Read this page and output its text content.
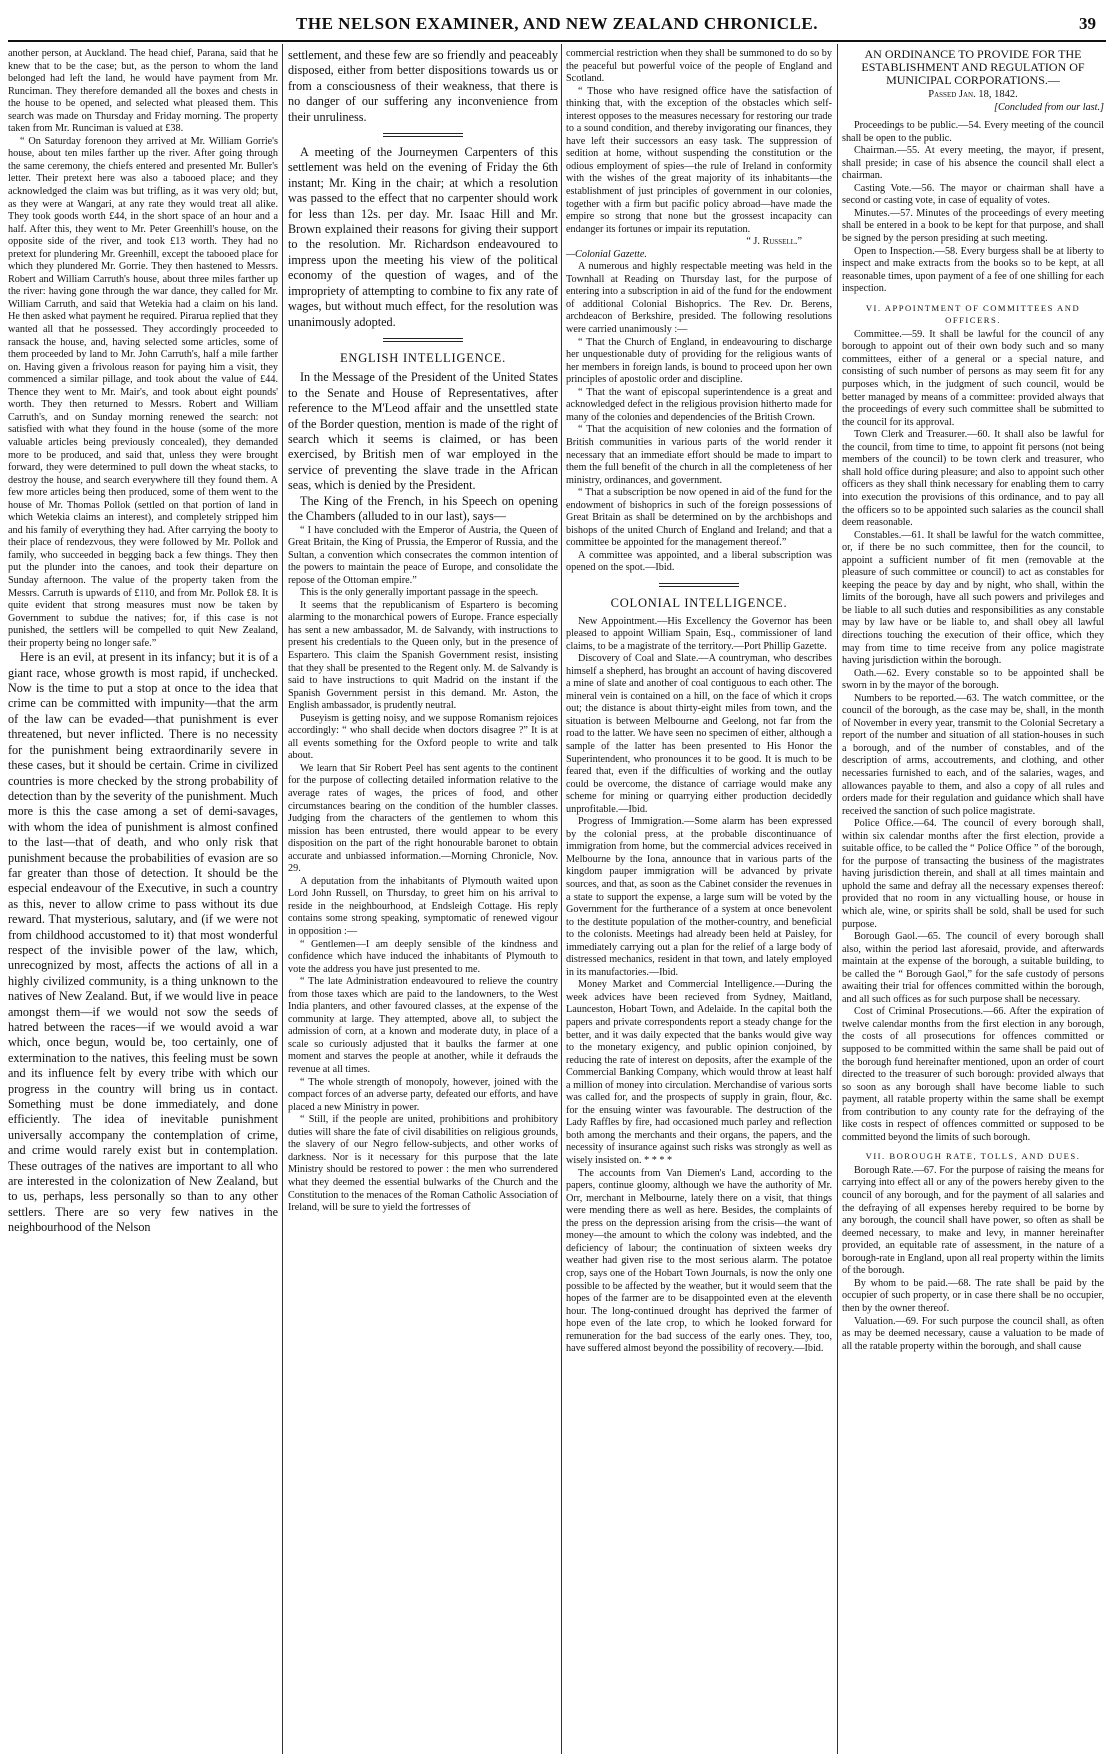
THE NELSON EXAMINER, AND NEW ZEALAND CHRONICLE.	39

another person, at Auckland. The head chief, Parana, said that he knew that to be the case; but, as the person to whom the land belonged had left the land, he would have payment from Mr. Runciman. They therefore demanded all the boxes and chests in the house to be opened, and selected what pleased them. This search was made on Thursday and Friday morning. The property taken from Mr. Runciman is valued at £38.

“ On Saturday forenoon they arrived at Mr. William Gorrie's house, about ten miles farther up the river. After going through the same ceremony, the chiefs entered and presented Mr. Buller's letter. Their pretext here was also a tabooed place; and they acknowledged the claim was but trifling, as it was very old; but, as they were at Wangari, at any rate they would treat all alike. They took goods worth £44, in the short space of an hour and a half. After this, they went to Mr. Peter Greenhill's house, on the opposite side of the river, and took £13 worth. They had no pretext for plundering Mr. Greenhill, except the tabooed place for which they plundered Mr. Gorrie. They then hastened to Messrs. Robert and William Carruth's house, about three miles farther up the river: having gone through the war dance, they called for Mr. William Carruth, and said that Wetekia had a claim on his land. He then asked what payment he required. Pirarua replied that they wanted all that he possessed. They accordingly proceeded to ransack the house, and, having selected some articles, some of them proceeded by land to Mr. John Carruth's, half a mile farther on. Having given a frivolous reason for paying him a visit, they commenced a similar pillage, and took about the value of £44. Thence they went to Mr. Mair's, and took about eight pounds' worth. They then returned to Messrs. Robert and William Carruth's, and on Sunday morning renewed the search: not satisfied with what they found in the house (some of the more valuable articles being previously concealed), they demanded more to be produced, and said that, unless they were brought forward, they were determined to pull down the wheat stacks, to destroy the house, and search everywhere till they found them. A few more articles being then produced, some of them went to the house of Mr. Thomas Pollok (settled on that portion of land in which Wetekia claims an interest), and completely stripped him and his family of everything they had. After carrying the booty to their place of rendezvous, they were followed by Mr. Pollok and family, who succeeded in begging back a few things. They then put the plunder into the canoes, and took their departure on Sunday afternoon. The value of the property taken from the Messrs. Carruth is upwards of £110, and from Mr. Pollok £8. It is quite evident that strong measures must now be taken by Government to subdue the natives; for, if this case is not punished, the settlers will be compelled to quit New Zealand, their property being no longer safe.”

Here is an evil, at present in its infancy; but it is of a giant race, whose growth is most rapid, if unchecked. Now is the time to put a stop at once to the idea that crime can be committed with impunity—that the arm of the law can be evaded—that punishment is ever threatened, but never inflicted. There is no necessity for the punishment being extraordinarily severe in these cases, but it should be certain. Crime in civilized countries is more checked by the strong probability of detection than by the severity of the punishment. Much more is this the case among a set of demi-savages, with whom the idea of punishment is almost confined to the last—that of death, and who only risk that punishment because the probabilities of evasion are so far greater than those of detection. It should be the especial endeavour of the Executive, in such a country as this, never to allow crime to pass without its due reward. That mysterious, salutary, and (if we were not from childhood accustomed to it) that most wonderful respect of the invisible power of the law, which, unrecognized by most, affects the actions of all in a highly civilized community, is a thing unknown to the natives of New Zealand. But, if we would live in peace amongst them—if we would not sow the seeds of hatred between the races—if we would avoid a war which, once begun, would be, too certainly, one of extermination to the natives, this feeling must be sown and its influence felt by every tribe with which our progress in the country will bring us in contact. Something must be done immediately, and done efficiently. The idea of inevitable punishment universally accompany the contemplation of crime, and crime would rarely exist but in contemplation. These outrages of the natives are important to all who are interested in the colonization of New Zealand, but to us, perhaps, less personally so than to any other settlers. There are so very few natives in the neighbourhood of the Nelson

settlement, and these few are so friendly and peaceably disposed, either from better dispositions towards us or from a consciousness of their weakness, that there is no danger of our suffering any inconvenience from their unruliness.

A meeting of the Journeymen Carpenters of this settlement was held on the evening of Friday the 6th instant; Mr. King in the chair; at which a resolution was passed to the effect that no carpenter should work for less than 12s. per day. Mr. Isaac Hill and Mr. Brown explained their reasons for giving their support to the resolution. Mr. Richardson endeavoured to impress upon the meeting his view of the political economy of the question of wages, and of the impropriety of attempting to combine to fix any rate of wages, but without much effect, for the resolution was unanimously adopted.

ENGLISH INTELLIGENCE.

In the Message of the President of the United States to the Senate and House of Representatives, after reference to the M'Leod affair and the unsettled state of the Border question, mention is made of the right of search which it seems is claimed, or has been exercised, by British men of war employed in the service of preventing the slave trade in the African seas, which is denied by the President.

The King of the French, in his Speech on opening the Chambers (alluded to in our last), says—

“ I have concluded with the Emperor of Austria, the Queen of Great Britain, the King of Prussia, the Emperor of Russia, and the Sultan, a convention which consecrates the common intention of the powers to maintain the peace of Europe, and consolidate the repose of the Ottoman empire.”

This is the only generally important passage in the speech.

It seems that the republicanism of Espartero is becoming alarming to the monarchical powers of Europe. France especially has sent a new ambassador, M. de Salvandy, with instructions to present his credentials to the Queen only, but in the presence of Espartero. This claim the Spanish Government resist, insisting that they shall be presented to the Regent only. M. de Salvandy is said to have instructions to quit Madrid on the instant if the Spanish Government persist in this demand. Mr. Aston, the English ambassador, is prudently neutral.

Puseyism is getting noisy, and we suppose Romanism rejoices accordingly: “ who shall decide when doctors disagree ?” It is at all events something for the Oxford people to write and talk about.

We learn that Sir Robert Peel has sent agents to the continent for the purpose of collecting detailed information relative to the average rates of wages, the prices of food, and other circumstances bearing on the condition of the humbler classes. Judging from the characters of the gentlemen to whom this mission has been entrusted, there would appear to be every disposition on the part of the right honourable baronet to obtain accurate and unbiassed information.—Morning Chronicle, Nov. 29.

A deputation from the inhabitants of Plymouth waited upon Lord John Russell, on Thursday, to greet him on his arrival to reside in the neighbourhood, at Endsleigh Cottage. His reply contains some strong speaking, symptomatic of renewed vigour in opposition :—

“ Gentlemen—I am deeply sensible of the kindness and confidence which have induced the inhabitants of Plymouth to vote the address you have just presented to me.

“ The late Administration endeavoured to relieve the country from those taxes which are paid to the landowners, to the West India planters, and other favoured classes, at the expense of the community at large. They attempted, above all, to subject the admission of corn, at a known and moderate duty, in place of a scale so curiously adjusted that it baulks the farmer at one moment and starves the people at another, while it defrauds the revenue at all times.

“ The whole strength of monopoly, however, joined with the compact forces of an adverse party, defeated our efforts, and have placed a new Ministry in power.

“ Still, if the people are united, prohibitions and prohibitory duties will share the fate of civil disabilities on religious grounds, the slavery of our Negro fellow-subjects, and other works of darkness. Nor is it necessary for this purpose that the late Ministry should be restored to power : the men who surrendered what they deemed the essential bulwarks of the Church and the Constitution to the menaces of the Roman Catholic Association of Ireland, will be sure to yield the fortresses of

commercial restriction when they shall be summoned to do so by the peaceful but powerful voice of the people of England and Scotland.

“ Those who have resigned office have the satisfaction of thinking that, with the exception of the obstacles which self-interest opposes to the measures necessary for restoring our trade to a sound condition, and thereby invigorating our finances, they have left their successors an easy task. The suppression of sedition at home, without suspending the constitution or the odious employment of spies—the rule of Ireland in conformity with the wishes of the great majority of its inhabitants—the establishment of just principles of government in our colonies, together with a firm but pacific policy abroad—have made the empire so strong that none but the grossest incapacity can endanger its fortunes or impair its reputation.

“ J. Russell.”

—Colonial Gazette.

A numerous and highly respectable meeting was held in the Townhall at Reading on Thursday last, for the purpose of entering into a subscription in aid of the fund for the endowment of additional Colonial Bishoprics. The Rev. Dr. Berens, archdeacon of Berkshire, presided. The following resolutions were carried unanimously :—

“ That the Church of England, in endeavouring to discharge her unquestionable duty of providing for the religious wants of her members in foreign lands, is bound to proceed upon her own principles of apostolic order and discipline.

“ That the want of episcopal superintendence is a great and acknowledged defect in the religious provision hitherto made for many of the colonies and dependencies of the British Crown.

“ That the acquisition of new colonies and the formation of British communities in various parts of the world render it necessary that an immediate effort should be made to impart to them the full benefit of the church in all the completeness of her ministry, ordinances, and government.

“ That a subscription be now opened in aid of the fund for the endowment of bishoprics in such of the foreign possessions of Great Britain as shall be determined on by the archbishops and bishops of the united Church of England and Ireland; and that a committee be appointed for the management thereof.”

A committee was appointed, and a liberal subscription was opened on the spot.—Ibid.

COLONIAL INTELLIGENCE.

New Appointment.—His Excellency the Governor has been pleased to appoint William Spain, Esq., commissioner of land claims, to be a magistrate of the territory.—Port Phillip Gazette.

Discovery of Coal and Slate.—A countryman, who describes himself a shepherd, has brought an account of having discovered a mine of slate and another of coal contiguous to each other. The mineral vein is contained on a hill, on the face of which it crops out; the distance is about thirty-eight miles from town, and the situation is between Melbourne and Geelong, not far from the road to the latter. We have seen no specimen of either, although a sample of the latter has been presented to His Honor the Superintendent, who pronounces it to be good. It is much to be feared that, even if the difficulties of working and the outlay could be overcome, the distance of carriage would make any scheme for mining or quarrying either production decidedly unprofitable.—Ibid.

Progress of Immigration.—Some alarm has been expressed by the colonial press, at the probable discontinuance of immigration from home, but the commercial advices received in Melbourne by the Iona, announce that in various parts of the kingdom pauper immigration will be advanced by private sources, and that, as soon as the Cabinet consider the revenues in a state to support the expense, a large sum will be voted by the Government for the furtherance of a system at once benevolent to the destitute population of the mother-country, and beneficial to the colonists. Meetings had already been held at Paisley, for immediately carrying out a plan for the relief of a large body of distressed mechanics, resident in that town, and lately employed in its manufactories.—Ibid.

Money Market and Commercial Intelligence.—During the week advices have been recieved from Sydney, Maitland, Launceston, Hobart Town, and Adelaide. In the capital both the papers and private correspondents report a steady change for the better, and it was daily expected that the banks would give way to the monetary exigency, and public opinion conjoined, by reducing the rate of interest on deposits, after the example of the Commercial Banking Company, which would throw at least half a million of money into circulation. Merchandise of various sorts was called for, and the prospects of supply in grain, flour, &c. for the ensuing winter was favourable. The destruction of the Lady Raffles by fire, had occasioned much parley and reflection both among the merchants and their organs, the papers, and the necessity of insurance against such risks was strongly as well as wisely insisted on. * * * *

The accounts from Van Diemen's Land, according to the papers, continue gloomy, although we have the authority of Mr. Orr, merchant in Melbourne, lately there on a visit, that things were mending there as well as here. Besides, the complaints of the press on the depression arising from the crisis—the want of money—the amount to which the colony was indebted, and the deficiency of labour; the continuation of sixteen weeks dry weather had given rise to the most serious alarm. The potatoe crop, says one of the Hobart Town Journals, is now the only one possible to be affected by the weather, but it would seem that the hopes of the farmer are to be disappointed even at the eleventh hour. The long-continued drought has deprived the farmer of hope even of the late crop, to which he looked forward for remuneration for the bad success of the early ones. They, too, have suffered almost beyond the possibility of recovery.—Ibid.

AN ORDINANCE TO PROVIDE FOR THE ESTABLISHMENT AND REGULATION OF MUNICIPAL CORPORATIONS.—

Passed Jan. 18, 1842.

[Concluded from our last.]

Proceedings to be public.—54. Every meeting of the council shall be open to the public.

Chairman.—55. At every meeting, the mayor, if present, shall preside; in case of his absence the council shall elect a chairman.

Casting Vote.—56. The mayor or chairman shall have a second or casting vote, in case of equality of votes.

Minutes.—57. Minutes of the proceedings of every meeting shall be entered in a book to be kept for that purpose, and shall be signed by the person presiding at such meeting.

Open to Inspection.—58. Every burgess shall be at liberty to inspect and make extracts from the books so to be kept, at all reasonable times, upon payment of a fee of one shilling for each inspection.

VI. APPOINTMENT OF COMMITTEES AND OFFICERS.

Committee.—59. It shall be lawful for the council of any borough to appoint out of their own body such and so many committees, either of a general or a special nature, and consisting of such number of persons as may seem fit for any purposes which, in the judgment of such council, would be better managed by means of a committee: provided always that the proceedings of every such committee shall be submitted to the council for its approval.

Town Clerk and Treasurer.—60. It shall also be lawful for the council, from time to time, to appoint fit persons (not being members of the council) to be town clerk and treasurer, who shall hold office during pleasure; and also to appoint such other officers as they shall think necessary for enabling them to carry into execution the provisions of this ordinance, and to pay all the officers so to be appointed such salaries as the council shall deem reasonable.

Constables.—61. It shall be lawful for the watch committee, or, if there be no such committee, then for the council, to appoint a sufficient number of fit men (removable at the pleasure of such committee or council) to act as constables for keeping the peace by day and by night, who shall, within the limits of the borough, have all such powers and privileges and be liable to all such duties and responsibilities as any constable may by law have or be liable to, and shall obey all lawful directions touching the execution of their office, which they may from time to time receive from any police magistrate having jurisdiction within the borough.

Oath.—62. Every constable so to be appointed shall be sworn in by the mayor of the borough.

Numbers to be reported.—63. The watch committee, or the council of the borough, as the case may be, shall, in the month of November in every year, transmit to the Colonial Secretary a report of the number and situation of all station-houses in such a borough, and of the number of constables, and of the description of arms, accoutrements, and clothing, and other necessaries furnished to each, and of the salaries, wages, and allowances payable to them, and also a copy of all rules and orders made for their regulation and guidance which shall have received the sanction of such police magistrate.

Police Office.—64. The council of every borough shall, within six calendar months after the first election, provide a suitable office, to be called the “ Police Office ” of the borough, for the purpose of transacting the business of the magistrates having jurisdiction therein, and shall at all times maintain and uphold the same and defray all the necessary expenses thereof: provided that no room in any victualling house, or house in which ale, wine, or spirits shall be sold, shall be used for such purpose.

Borough Gaol.—65. The council of every borough shall also, within the period last aforesaid, provide, and afterwards maintain at the expense of the borough, a suitable building, to be called the “ Borough Gaol,” for the safe custody of persons awaiting their trial for offences committed within the borough, and all such offices as for such purpose shall be necessary.

Cost of Criminal Prosecutions.—66. After the expiration of twelve calendar months from the first election in any borough, the costs of all prosecutions for offences committed or supposed to be committed within the same shall be paid out of the borough fund hereinafter mentioned, upon an order of court directed to the treasurer of such borough: provided always that so soon as any borough shall have become liable to such payment, all ratable property within the same shall be exempt from contribution to any county rate for the defraying of the like costs in respect of offences committed or supposed to be committed beyond the limits of such borough.

VII. BOROUGH RATE, TOLLS, AND DUES.

Borough Rate.—67. For the purpose of raising the means for carrying into effect all or any of the powers hereby given to the council of any borough, and for the payment of all salaries and the defraying of all expenses hereby required to be borne by any borough, the council shall have power, so often as shall be deemed necessary, to make and levy, in manner hereinafter provided, an equitable rate of assessment, in the nature of a borough-rate in England, upon all real property within the limits of the borough.

By whom to be paid.—68. The rate shall be paid by the occupier of such property, or in case there shall be no occupier, then by the owner thereof.

Valuation.—69. For such purpose the council shall, as often as may be deemed necessary, cause a valuation to be made of all the ratable property within the borough, and shall cause
